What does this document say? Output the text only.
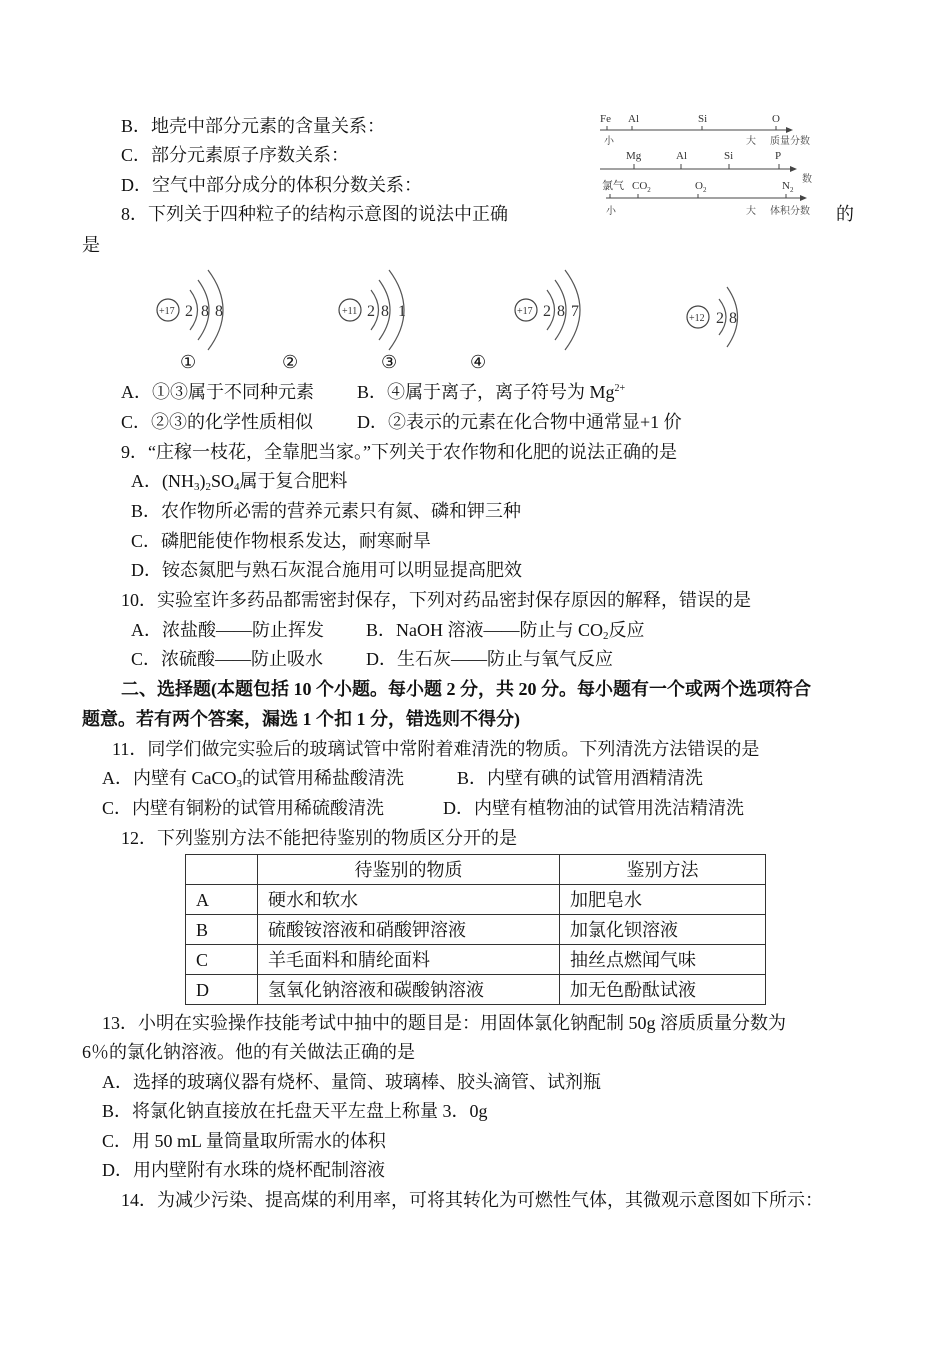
B．地壳中部分元素的含量关系：
C．部分元素原子序数关系：
D．空气中部分成分的体积分数关系：
Fe Al	Si	O
小	大 质量分数
Mg	Al	Si	P
数
氯气 $CO_2$	$O_2$	$N_2$
小	大 体积分数
8．下列关于四种粒子的结构示意图的说法中正确	的
是
+17 2 8 8	+11 2 8 1	+17 2 8 7	+12 2 8
①	②	③	④
A．①③属于不同种元素 B．④属于离子，离子符号为 $Mg^{2+}$
C．②③的化学性质相似 D．②表示的元素在化合物中通常显+1 价
9．“庄稼一枝花，全靠肥当家。”下列关于农作物和化肥的说法正确的是
A．$(NH_3)_2SO_4$属于复合肥料
B．农作物所必需的营养元素只有氮、磷和钾三种
C．磷肥能使作物根系发达，耐寒耐旱
D．铵态氮肥与熟石灰混合施用可以明显提高肥效
10．实验室许多药品都需密封保存，下列对药品密封保存原因的解释，错误的是
A．浓盐酸——防止挥发 B．NaOH 溶液——防止与 $CO_2$反应
C．浓硫酸——防止吸水 D．生石灰——防止与氧气反应
二、选择题(本题包括 10 个小题。每小题 2 分，共 20 分。每小题有一个或两个选项符合
题意。若有两个答案，漏选 1 个扣 1 分，错选则不得分)
11．同学们做完实验后的玻璃试管中常附着难清洗的物质。下列清洗方法错误的是
A．内壁有 CaCO$_3$的试管用稀盐酸清洗	B．内壁有碘的试管用酒精清洗
C．内壁有铜粉的试管用稀硫酸清洗	D．内壁有植物油的试管用洗洁精清洗
12．下列鉴别方法不能把待鉴别的物质区分开的是
	待鉴别的物质	鉴别方法
A	硬水和软水	加肥皂水
B	硫酸铵溶液和硝酸钾溶液	加氯化钡溶液
C	羊毛面料和腈纶面料	抽丝点燃闻气味
D	氢氧化钠溶液和碳酸钠溶液	加无色酚酞试液
13．小明在实验操作技能考试中抽中的题目是：用固体氯化钠配制 50g 溶质质量分数为
6％的氯化钠溶液。他的有关做法正确的是
A．选择的玻璃仪器有烧杯、量筒、玻璃棒、胶头滴管、试剂瓶
B．将氯化钠直接放在托盘天平左盘上称量 3．0g
C．用 50 mL 量筒量取所需水的体积
D．用内壁附有水珠的烧杯配制溶液
14．为减少污染、提高煤的利用率，可将其转化为可燃性气体，其微观示意图如下所示：
